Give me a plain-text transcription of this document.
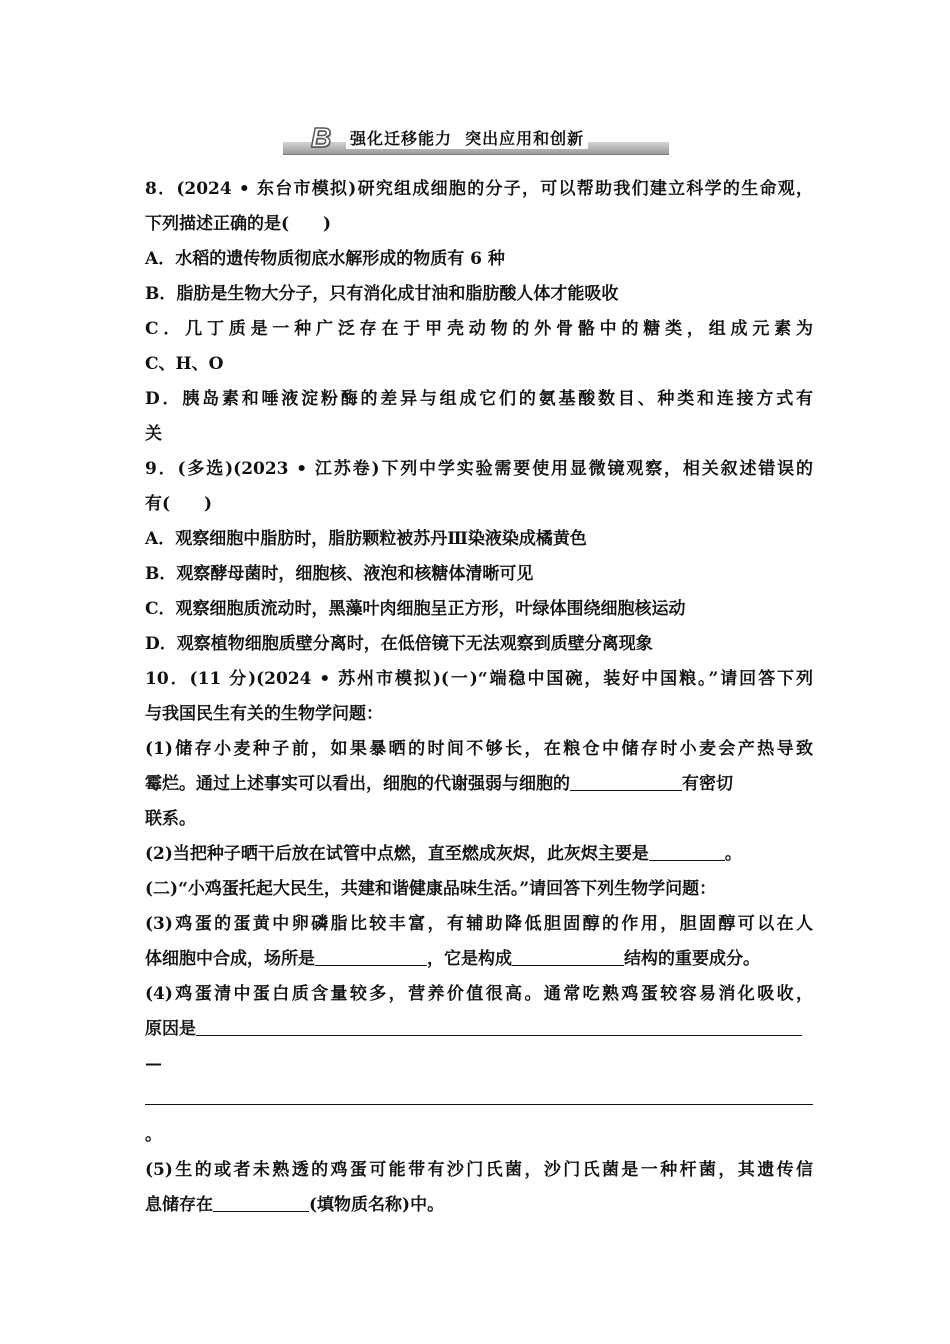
B 强化迁移能力  突出应用和创新
8．(2024 • 东台市模拟)研究组成细胞的分子，可以帮助我们建立科学的生命观，
下列描述正确的是(　　)
A．水稻的遗传物质彻底水解形成的物质有 6 种
B．脂肪是生物大分子，只有消化成甘油和脂肪酸人体才能吸收
C．几丁质是一种广泛存在于甲壳动物的外骨骼中的糖类，组成元素为
C、H、O
D．胰岛素和唾液淀粉酶的差异与组成它们的氨基酸数目、种类和连接方式有
关
9．(多选)(2023 • 江苏卷)下列中学实验需要使用显微镜观察，相关叙述错误的
有(　　)
A．观察细胞中脂肪时，脂肪颗粒被苏丹Ⅲ染液染成橘黄色
B．观察酵母菌时，细胞核、液泡和核糖体清晰可见
C．观察细胞质流动时，黑藻叶肉细胞呈正方形，叶绿体围绕细胞核运动
D．观察植物细胞质壁分离时，在低倍镜下无法观察到质壁分离现象
10．(11 分)(2024 • 苏州市模拟)(一)“端稳中国碗，装好中国粮。”请回答下列
与我国民生有关的生物学问题：
(1)储存小麦种子前，如果暴晒的时间不够长，在粮仓中储存时小麦会产热导致
霉烂。通过上述事实可以看出，细胞的代谢强弱与细胞的	有密切
联系。
(2)当把种子晒干后放在试管中点燃，直至燃成灰烬，此灰烬主要是	。
(二)“小鸡蛋托起大民生，共建和谐健康品味生活。”请回答下列生物学问题：
(3)鸡蛋的蛋黄中卵磷脂比较丰富，有辅助降低胆固醇的作用，胆固醇可以在人
体细胞中合成，场所是	，它是构成	结构的重要成分。
(4)鸡蛋清中蛋白质含量较多，营养价值很高。通常吃熟鸡蛋较容易消化吸收，
原因是
—
。
(5)生的或者未熟透的鸡蛋可能带有沙门氏菌，沙门氏菌是一种杆菌，其遗传信
息储存在	(填物质名称)中。
